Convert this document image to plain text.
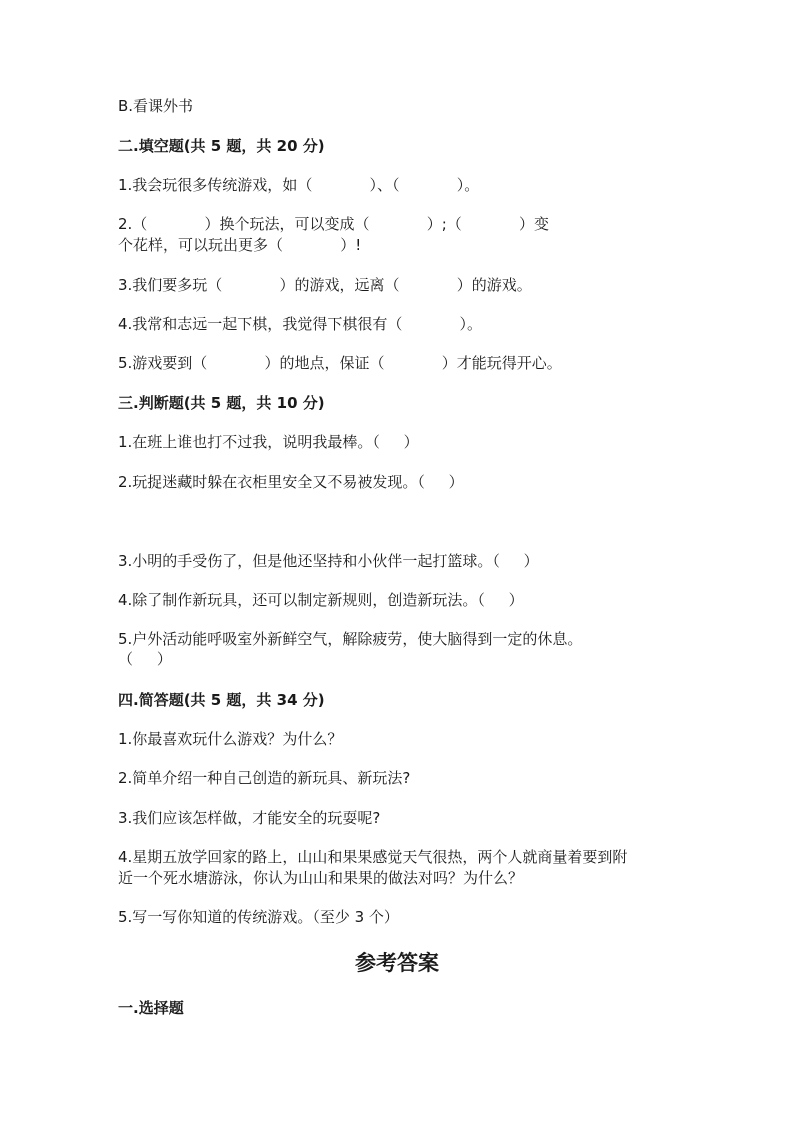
B.看课外书
二.填空题(共 5 题，共 20 分)
1.我会玩很多传统游戏，如（            ）、（            ）。
2.（            ）换个玩法，可以变成（            ）;（            ）变
个花样，可以玩出更多（            ）!
3.我们要多玩（            ）的游戏，远离（            ）的游戏。
4.我常和志远一起下棋，我觉得下棋很有（            ）。
5.游戏要到（            ）的地点，保证（            ）才能玩得开心。
三.判断题(共 5 题，共 10 分)
1.在班上谁也打不过我，说明我最棒。（     ）
2.玩捉迷藏时躲在衣柜里安全又不易被发现。（     ）
3.小明的手受伤了，但是他还坚持和小伙伴一起打篮球。（     ）
4.除了制作新玩具，还可以制定新规则，创造新玩法。（     ）
5.户外活动能呼吸室外新鲜空气，解除疲劳，使大脑得到一定的休息。
（     ）
四.简答题(共 5 题，共 34 分)
1.你最喜欢玩什么游戏？为什么？
2.简单介绍一种自己创造的新玩具、新玩法?
3.我们应该怎样做，才能安全的玩耍呢?
4.星期五放学回家的路上，山山和果果感觉天气很热，两个人就商量着要到附
近一个死水塘游泳，你认为山山和果果的做法对吗？为什么？
5.写一写你知道的传统游戏。（至少 3 个）
参考答案
一.选择题
